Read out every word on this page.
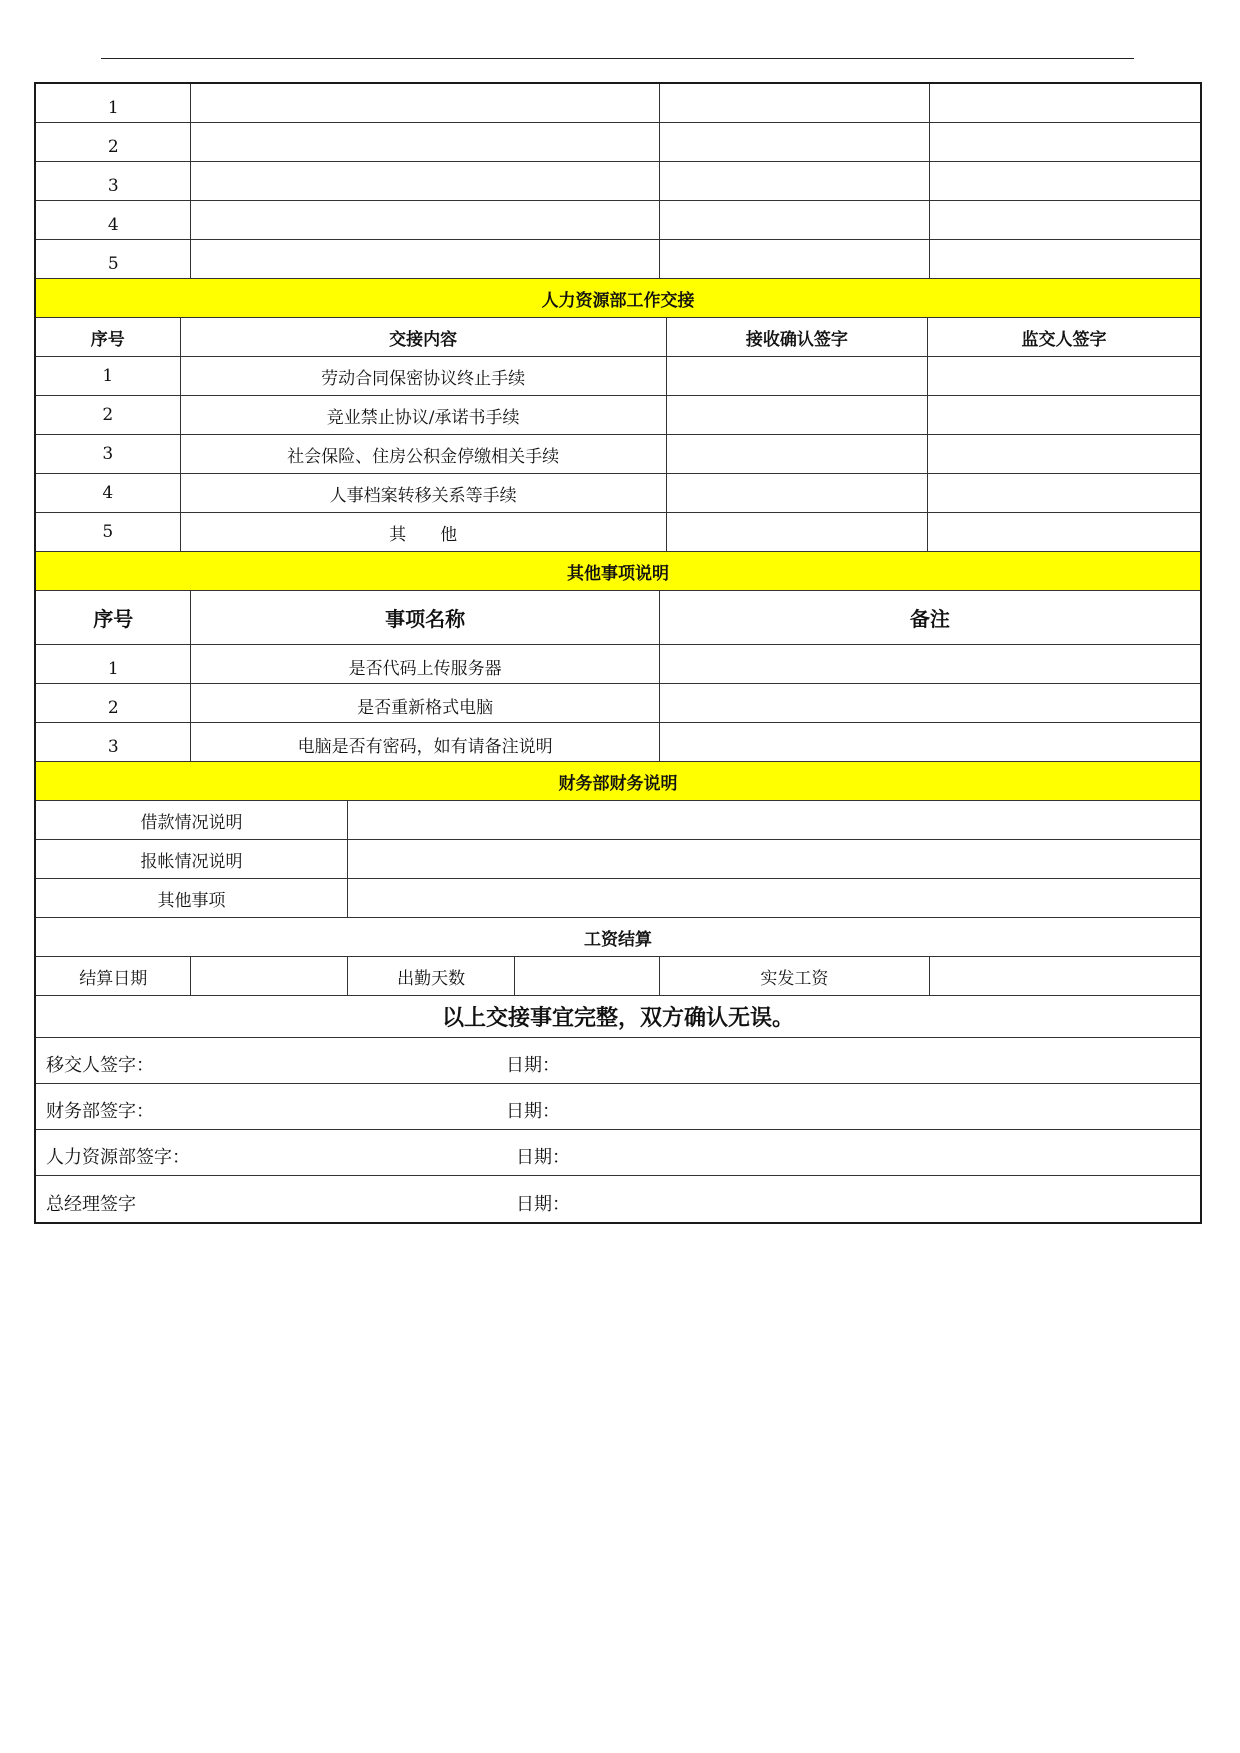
1
2
3
4
5
人力资源部工作交接
序号	交接内容	接收确认签字	监交人签字
1	劳动合同保密协议终止手续
2	竞业禁止协议/承诺书手续
3	社会保险、住房公积金停缴相关手续
4	人事档案转移关系等手续
5	其　　他
其他事项说明
序号	事项名称	备注
1	是否代码上传服务器
2	是否重新格式电脑
3	电脑是否有密码，如有请备注说明
财务部财务说明
借款情况说明
报帐情况说明
其他事项
工资结算
结算日期	出勤天数	实发工资
以上交接事宜完整，双方确认无误。
移交人签字：	日期：
财务部签字：	日期：
人力资源部签字：	日期：
总经理签字	日期：
